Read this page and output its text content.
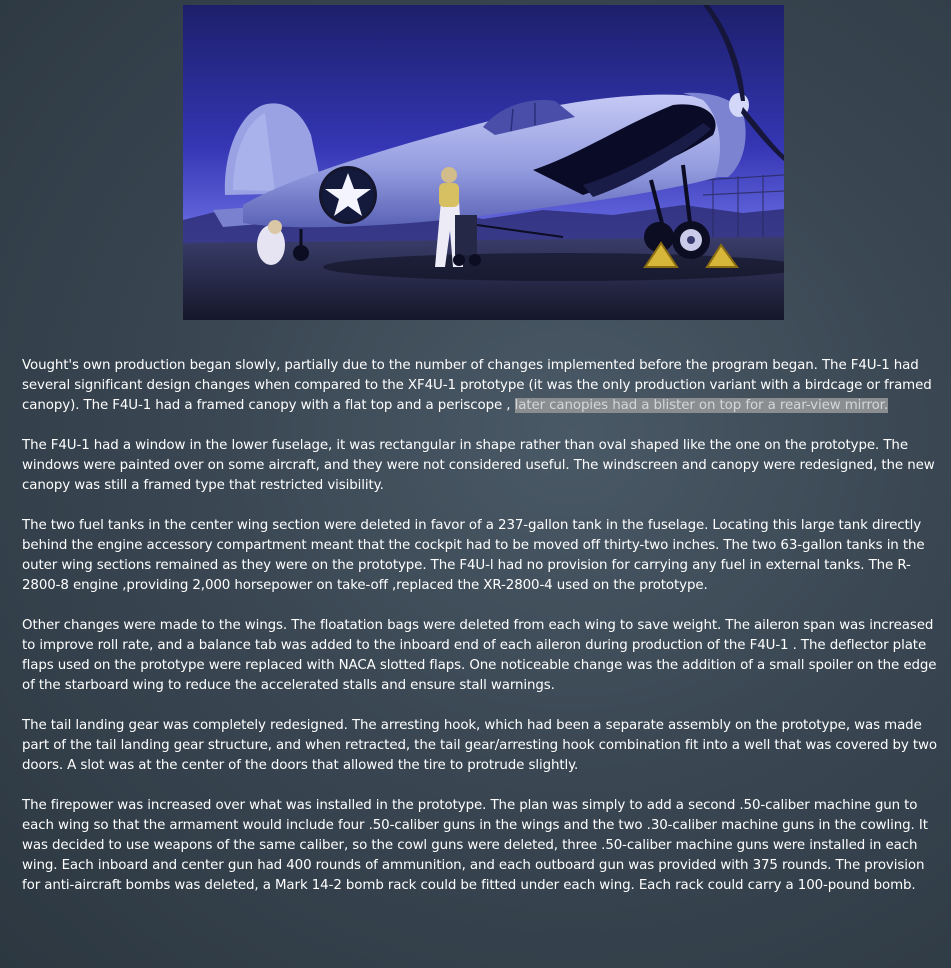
Vought's own production began slowly, partially due to the number of changes implemented before the program began. The F4U-1 had several significant design changes when compared to the XF4U-1 prototype (it was the only production variant with a birdcage or framed canopy). The F4U-1 had a framed canopy with a flat top and a periscope , later canopies had a blister on top for a rear-view mirror.

The F4U-1 had a window in the lower fuselage, it was rectangular in shape rather than oval shaped like the one on the prototype. The windows were painted over on some aircraft, and they were not considered useful. The windscreen and canopy were redesigned, the new canopy was still a framed type that restricted visibility.

The two fuel tanks in the center wing section were deleted in favor of a 237-gallon tank in the fuselage. Locating this large tank directly behind the engine accessory compartment meant that the cockpit had to be moved off thirty-two inches. The two 63-gallon tanks in the outer wing sections remained as they were on the prototype. The F4U-l had no provision for carrying any fuel in external tanks. The R-2800-8 engine ,providing 2,000 horsepower on take-off ,replaced the XR-2800-4 used on the prototype.

Other changes were made to the wings. The floatation bags were deleted from each wing to save weight. The aileron span was increased to improve roll rate, and a balance tab was added to the inboard end of each aileron during production of the F4U-1 . The deflector plate flaps used on the prototype were replaced with NACA slotted flaps. One noticeable change was the addition of a small spoiler on the edge of the starboard wing to reduce the accelerated stalls and ensure stall warnings.

The tail landing gear was completely redesigned. The arresting hook, which had been a separate assembly on the prototype, was made part of the tail landing gear structure, and when retracted, the tail gear/arresting hook combination fit into a well that was covered by two doors. A slot was at the center of the doors that allowed the tire to protrude slightly.

The firepower was increased over what was installed in the prototype. The plan was simply to add a second .50-caliber machine gun to each wing so that the armament would include four .50-caliber guns in the wings and the two .30-caliber machine guns in the cowling. It was decided to use weapons of the same caliber, so the cowl guns were deleted, three .50-caliber machine guns were installed in each wing. Each inboard and center gun had 400 rounds of ammunition, and each outboard gun was provided with 375 rounds. The provision for anti-aircraft bombs was deleted, a Mark 14-2 bomb rack could be fitted under each wing. Each rack could carry a 100-pound bomb.
